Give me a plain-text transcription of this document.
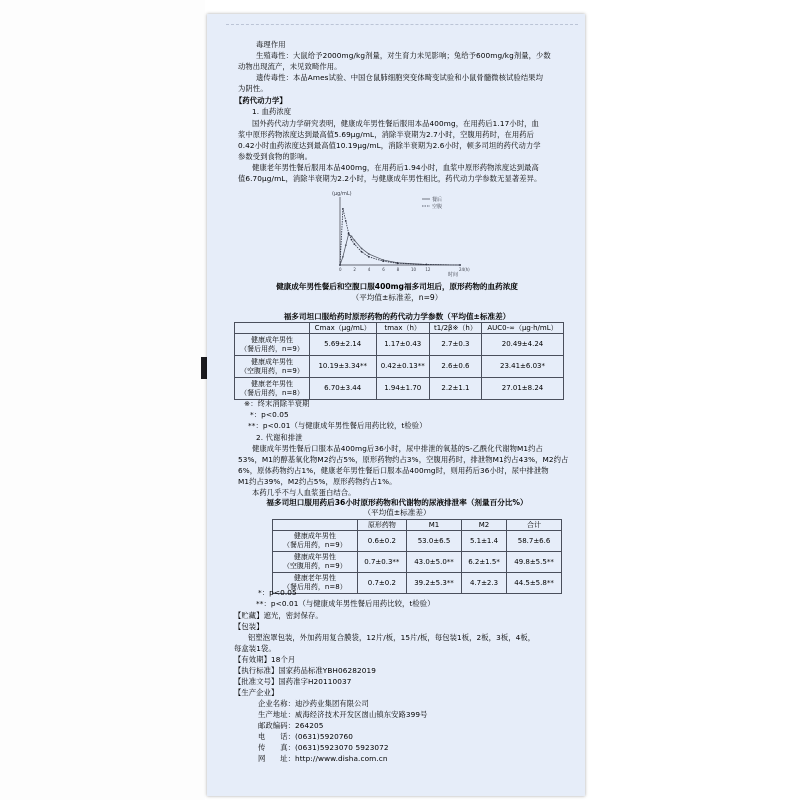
毒理作用
生殖毒性：大鼠给予2000mg/kg剂量，对生育力未见影响；兔给予600mg/kg剂量，少数
动物出现流产，未见致畸作用。
遗传毒性：本品Ames试验、中国仓鼠肺细胞突变体畸变试验和小鼠骨髓微核试验结果均
为阴性。
【药代动力学】
1. 血药浓度
国外药代动力学研究表明，健康成年男性餐后服用本品400mg，在用药后1.17小时，血
浆中原形药物浓度达到最高值5.69μg/mL，消除半衰期为2.7小时，空腹用药时，在用药后
0.42小时血药浓度达到最高值10.19μg/mL，消除半衰期为2.6小时，顿多司坦的药代动力学
参数受到食物的影响。
健康老年男性餐后服用本品400mg，在用药后1.94小时，血浆中原形药物浓度达到最高
值6.70μg/mL，消除半衰期为2.2小时，与健康成年男性相比，药代动力学参数无显著差异。
(μg/mL)
时间
0	2	4	6	8	10 12	24(h)
餐后
空腹
健康成年男性餐后和空腹口服400mg福多司坦后，原形药物的血药浓度
（平均值±标准差，n=9）
福多司坦口服给药时原形药物的药代动力学参数（平均值±标准差）
	Cmax（μg/mL）	tmax（h）	t1/2β※（h）	AUC0-∞（μg·h/mL）
健康成年男性
（餐后用药，n=9）	5.69±2.14	1.17±0.43	2.7±0.3	20.49±4.24
健康成年男性
（空腹用药，n=9）	10.19±3.34**	0.42±0.13**	2.6±0.6	23.41±6.03*
健康老年男性
（餐后用药，n=8）	6.70±3.44	1.94±1.70	2.2±1.1	27.01±8.24
※：终末消除半衰期
*：p<0.05
**：p<0.01（与健康成年男性餐后用药比较，t检验）
2. 代谢和排泄
健康成年男性餐后口服本品400mg后36小时，尿中排泄的氧基的S-乙酰化代谢物M1约占
53%，M1的醇基氧化物M2约占5%，原形药物约占3%，空腹用药时，排泄物M1约占43%，M2约占
6%，原体药物约占1%，健康老年男性餐后口服本品400mg时，则用药后36小时，尿中排泄物
M1约占39%，M2约占5%，原形药物约占1%。
本药几乎不与人血浆蛋白结合。
福多司坦口服用药后36小时原形药物和代谢物的尿液排泄率（剂量百分比%）
（平均值±标准差）
	原形药物	M1	M2	合计
健康成年男性
（餐后用药，n=9）	0.6±0.2	53.0±6.5	5.1±1.4	58.7±6.6
健康成年男性
（空腹用药，n=9）	0.7±0.3**	43.0±5.0**	6.2±1.5*	49.8±5.5**
健康老年男性
（餐后用药，n=8）	0.7±0.2	39.2±5.3**	4.7±2.3	44.5±5.8**
*：p<0.05
**：p<0.01（与健康成年男性餐后用药比较，t检验）
【贮藏】遮光，密封保存。
【包装】
铝塑泡罩包装，外加药用复合膜袋，12片/板，15片/板，每包装1板，2板，3板，4板，
每盒装1袋。
【有效期】18个月
【执行标准】国家药品标准YBH06282019
【批准文号】国药准字H20110037
【生产企业】
企业名称：迪沙药业集团有限公司
生产地址：威海经济技术开发区崮山镇东安路399号
邮政编码：264205
电　　话：(0631)5920760
传　　真：(0631)5923070 5923072
网　　址：http://www.disha.com.cn
